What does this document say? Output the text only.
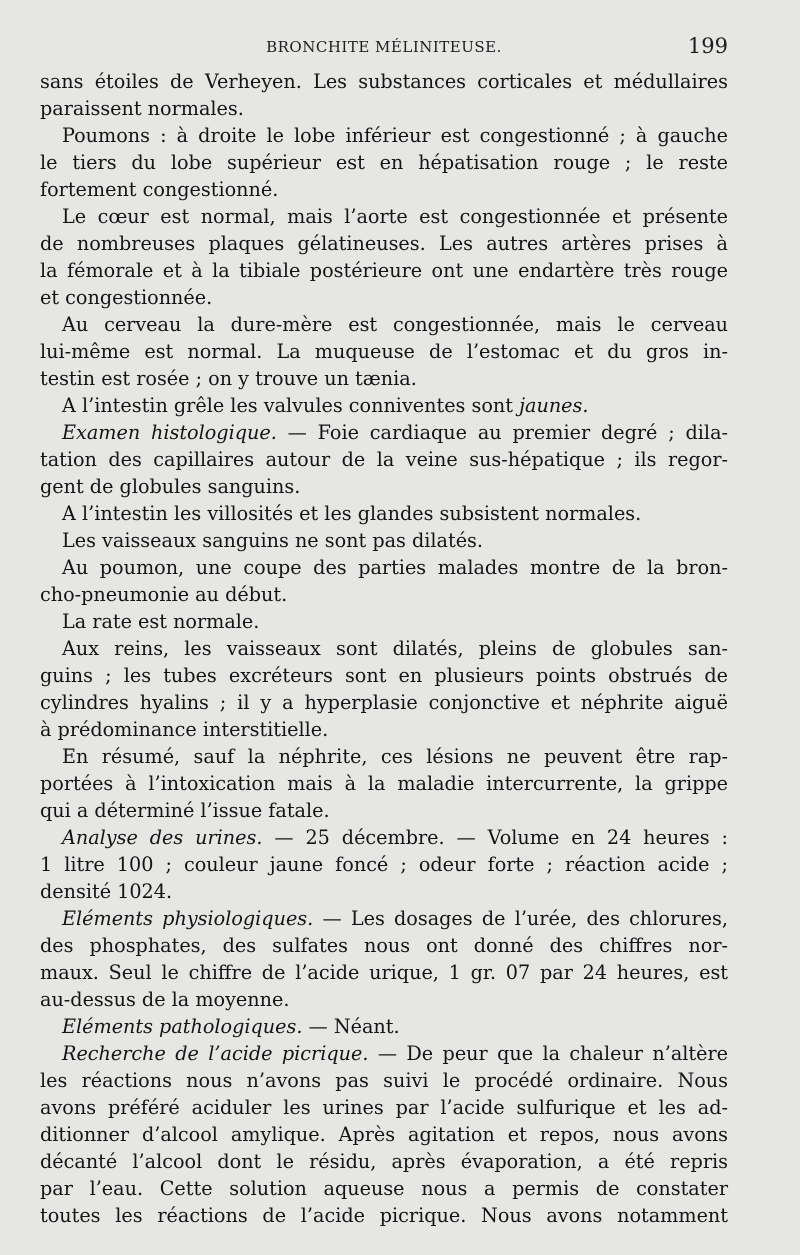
BRONCHITE MÉLINITEUSE.	199
sans étoiles de Verheyen. Les substances corticales et médullaires
paraissent normales.
Poumons : à droite le lobe inférieur est congestionné ; à gauche
le tiers du lobe supérieur est en hépatisation rouge ; le reste
fortement congestionné.
Le cœur est normal, mais l’aorte est congestionnée et présente
de nombreuses plaques gélatineuses. Les autres artères prises à
la fémorale et à la tibiale postérieure ont une endartère très rouge
et congestionnée.
Au cerveau la dure-mère est congestionnée, mais le cerveau
lui-même est normal. La muqueuse de l’estomac et du gros in-
testin est rosée ; on y trouve un tænia.
A l’intestin grêle les valvules conniventes sont jaunes.
Examen histologique. — Foie cardiaque au premier degré ; dila-
tation des capillaires autour de la veine sus-hépatique ; ils regor-
gent de globules sanguins.
A l’intestin les villosités et les glandes subsistent normales.
Les vaisseaux sanguins ne sont pas dilatés.
Au poumon, une coupe des parties malades montre de la bron-
cho-pneumonie au début.
La rate est normale.
Aux reins, les vaisseaux sont dilatés, pleins de globules san-
guins ; les tubes excréteurs sont en plusieurs points obstrués de
cylindres hyalins ; il y a hyperplasie conjonctive et néphrite aiguë
à prédominance interstitielle.
En résumé, sauf la néphrite, ces lésions ne peuvent être rap-
portées à l’intoxication mais à la maladie intercurrente, la grippe
qui a déterminé l’issue fatale.
Analyse des urines. — 25 décembre. — Volume en 24 heures :
1 litre 100 ; couleur jaune foncé ; odeur forte ; réaction acide ;
densité 1024.
Eléments physiologiques. — Les dosages de l’urée, des chlorures,
des phosphates, des sulfates nous ont donné des chiffres nor-
maux. Seul le chiffre de l’acide urique, 1 gr. 07 par 24 heures, est
au-dessus de la moyenne.
Eléments pathologiques. — Néant.
Recherche de l’acide picrique. — De peur que la chaleur n’altère
les réactions nous n’avons pas suivi le procédé ordinaire. Nous
avons préféré aciduler les urines par l’acide sulfurique et les ad-
ditionner d’alcool amylique. Après agitation et repos, nous avons
décanté l’alcool dont le résidu, après évaporation, a été repris
par l’eau. Cette solution aqueuse nous a permis de constater
toutes les réactions de l’acide picrique. Nous avons notamment
